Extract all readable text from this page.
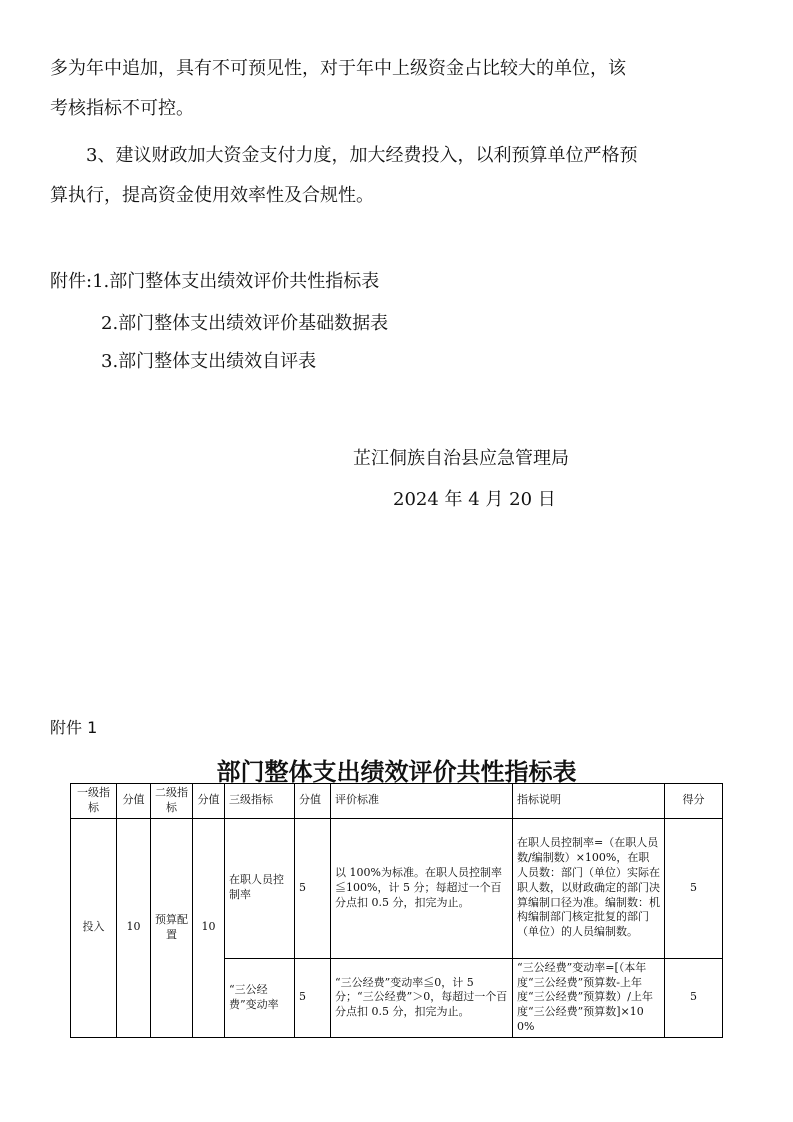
多为年中追加，具有不可预见性，对于年中上级资金占比较大的单位，该
考核指标不可控。
3、建议财政加大资金支付力度，加大经费投入，以利预算单位严格预
算执行，提高资金使用效率性及合规性。
附件:1.部门整体支出绩效评价共性指标表
2.部门整体支出绩效评价基础数据表
3.部门整体支出绩效自评表
芷江侗族自治县应急管理局
2024 年 4 月 20 日
附件 1
部门整体支出绩效评价共性指标表
一级指标	分值	二级指标	分值	三级指标	分值	评价标准	指标说明	得分
投入	10	预算配置	10	在职人员控制率	5	以 100%为标准。在职人员控制率≦100%，计 5 分；每超过一个百分点扣 0.5 分，扣完为止。	在职人员控制率=（在职人员数/编制数）×100%，在职人员数：部门（单位）实际在职人数，以财政确定的部门决算编制口径为准。编制数：机构编制部门核定批复的部门（单位）的人员编制数。	5
				“三公经费”变动率	5	“三公经费”变动率≦0，计 5 分；“三公经费”＞0，每超过一个百分点扣 0.5 分，扣完为止。	“三公经费”变动率=[（本年度“三公经费”预算数-上年度“三公经费”预算数）/上年度“三公经费”预算数]×100%	5
